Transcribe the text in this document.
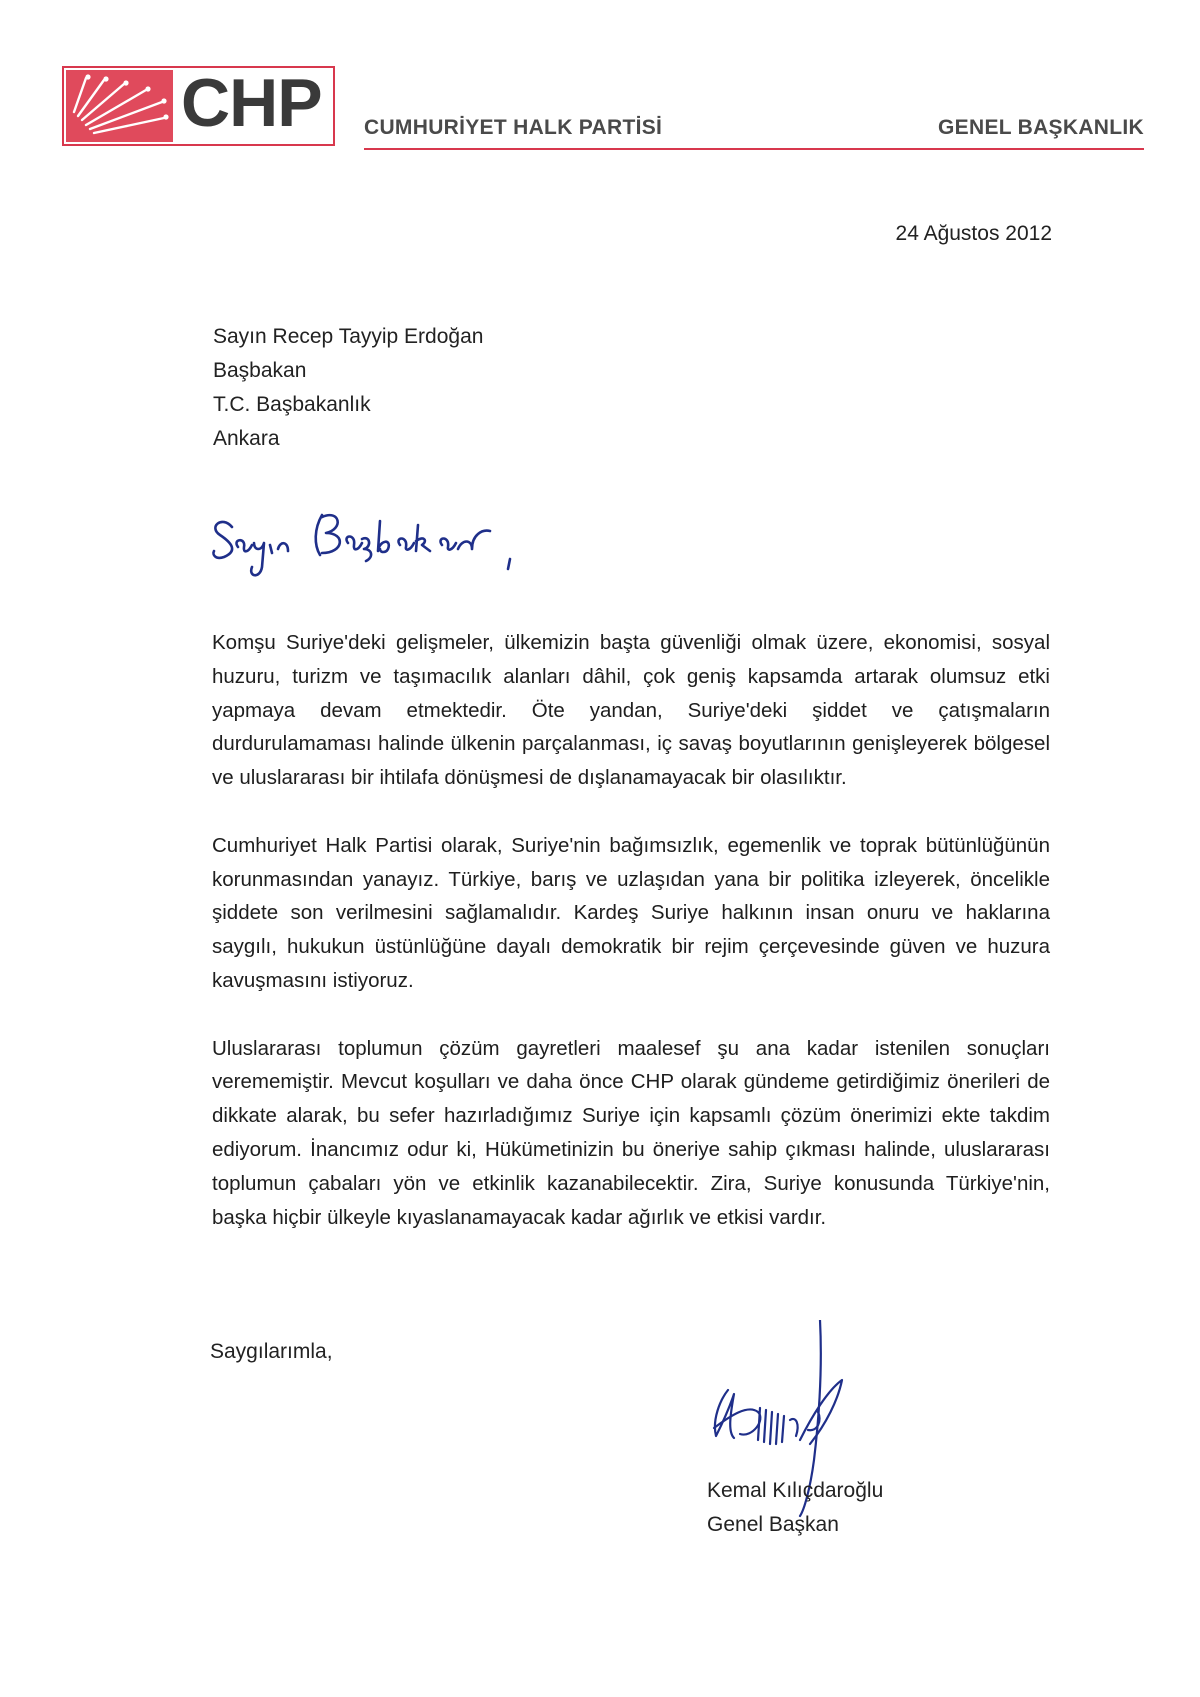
CHP CUMHURİYET HALK PARTİSİ	GENEL BAŞKANLIK
24 Ağustos 2012
Sayın Recep Tayyip Erdoğan
Başbakan
T.C. Başbakanlık
Ankara

Komşu Suriye'deki gelişmeler, ülkemizin başta güvenliği olmak üzere, ekonomisi, sosyal huzuru, turizm ve taşımacılık alanları dâhil, çok geniş kapsamda artarak olumsuz etki yapmaya devam etmektedir. Öte yandan, Suriye'deki şiddet ve çatışmaların durdurulamaması halinde ülkenin parçalanması, iç savaş boyutlarının genişleyerek bölgesel ve uluslararası bir ihtilafa dönüşmesi de dışlanamayacak bir olasılıktır.

Cumhuriyet Halk Partisi olarak, Suriye'nin bağımsızlık, egemenlik ve toprak bütünlüğünün korunmasından yanayız. Türkiye, barış ve uzlaşıdan yana bir politika izleyerek, öncelikle şiddete son verilmesini sağlamalıdır. Kardeş Suriye halkının insan onuru ve haklarına saygılı, hukukun üstünlüğüne dayalı demokratik bir rejim çerçevesinde güven ve huzura kavuşmasını istiyoruz.

Uluslararası toplumun çözüm gayretleri maalesef şu ana kadar istenilen sonuçları verememiştir. Mevcut koşulları ve daha önce CHP olarak gündeme getirdiğimiz önerileri de dikkate alarak, bu sefer hazırladığımız Suriye için kapsamlı çözüm önerimizi ekte takdim ediyorum. İnancımız odur ki, Hükümetinizin bu öneriye sahip çıkması halinde, uluslararası toplumun çabaları yön ve etkinlik kazanabilecektir. Zira, Suriye konusunda Türkiye'nin, başka hiçbir ülkeyle kıyaslanamayacak kadar ağırlık ve etkisi vardır.

Saygılarımla,
Kemal Kılıçdaroğlu
Genel Başkan
